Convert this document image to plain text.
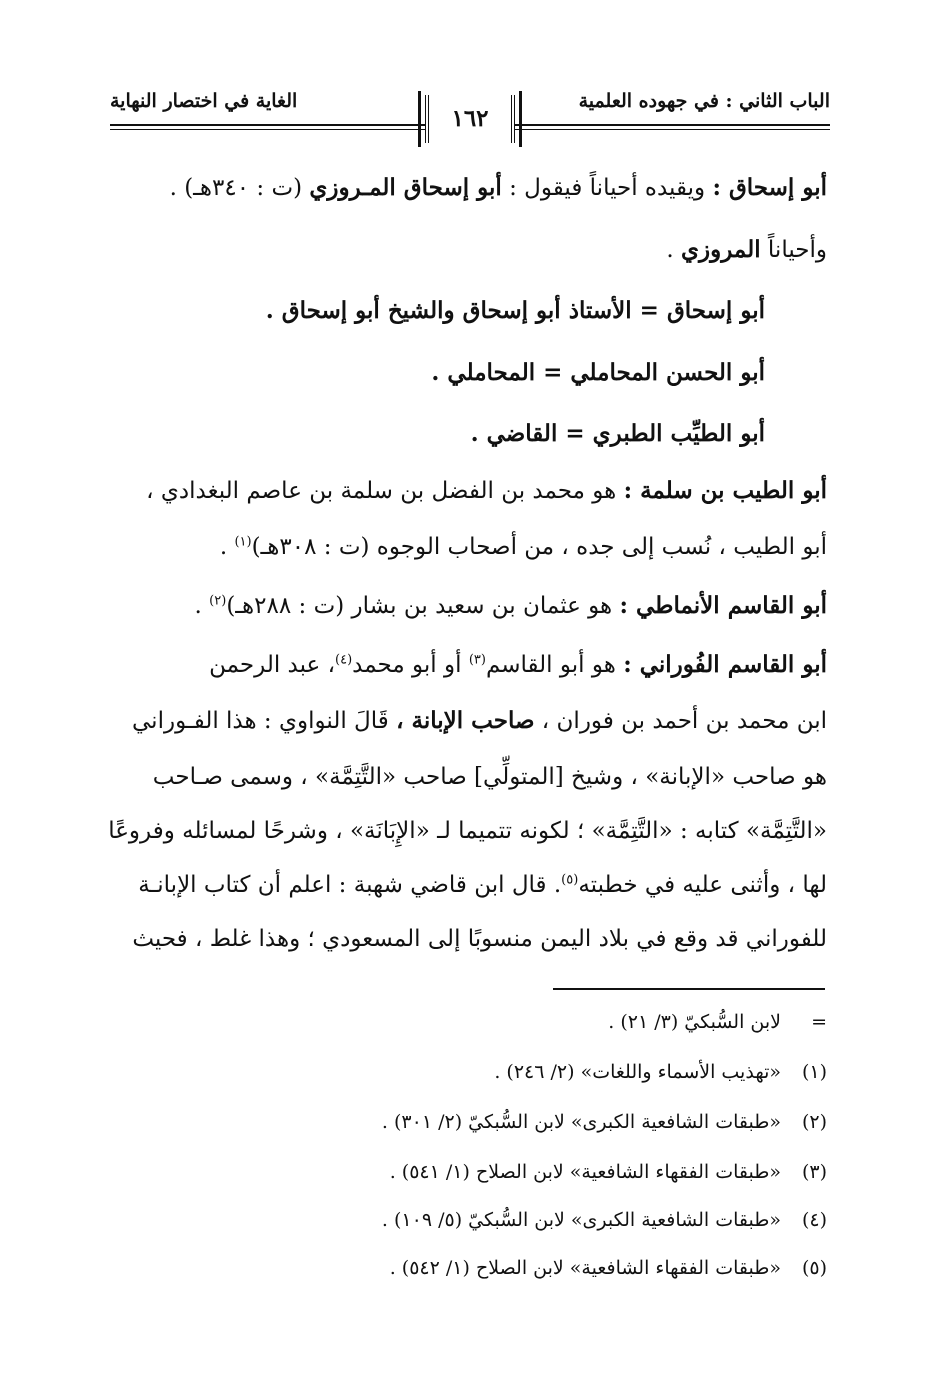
الباب الثاني : في جهوده العلمية
الغاية في اختصار النهاية
١٦٢
أبو إسحاق : ويقيده أحياناً فيقول : أبو إسحاق المـروزي (ت : ٣٤٠هـ) .
وأحياناً المروزي .
أبو إسحاق = الأستاذ أبو إسحاق والشيخ أبو إسحاق .
أبو الحسن المحاملي = المحاملي .
أبو الطيِّب الطبري = القاضي .
أبو الطيب بن سلمة : هو محمد بن الفضل بن سلمة بن عاصم البغدادي ،
أبو الطيب ، نُسب إلى جده ، من أصحاب الوجوه (ت : ٣٠٨هـ)$^{(١)}$ .
أبو القاسم الأنماطي : هو عثمان بن سعيد بن بشار (ت : ٢٨٨هـ)$^{(٢)}$ .
أبو القاسم الفُوراني : هو أبو القاسم$^{(٣)}$ أو أبو محمد$^{(٤)}$، عبد الرحمن
ابن محمد بن أحمد بن فوران ، صاحب الإبانة ، قَالَ النواوي : هذا الفـوراني
هو صاحب «الإبانة» ، وشيخ [المتولِّي] صاحب «التَّتِمَّة» ، وسمى صـاحب
«التَّتِمَّة» كتابه : «التَّتِمَّة» ؛ لكونه تتميما لـ «الإِبَانَة» ، وشرحًا لمسائله وفروعًا
لها ، وأثنى عليه في خطبته$^{(٥)}$. قال ابن قاضي شهبة : اعلم أن كتاب الإبانـة
للفوراني قد وقع في بلاد اليمن منسوبًا إلى المسعودي ؛ وهذا غلط ، فحيث
=لابن السُّبكيّ (٣/ ٢١) .
(١)«تهذيب الأسماء واللغات» (٢/ ٢٤٦) .
(٢)«طبقات الشافعية الكبرى» لابن السُّبكيّ (٢/ ٣٠١) .
(٣)«طبقات الفقهاء الشافعية» لابن الصلاح (١/ ٥٤١) .
(٤)«طبقات الشافعية الكبرى» لابن السُّبكيّ (٥/ ١٠٩) .
(٥)«طبقات الفقهاء الشافعية» لابن الصلاح (١/ ٥٤٢) .
